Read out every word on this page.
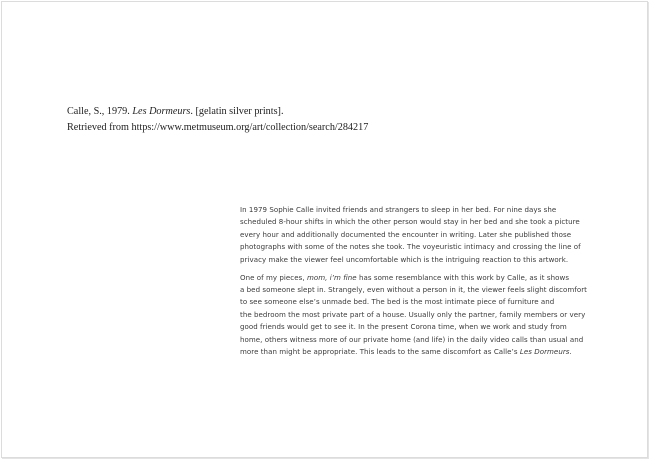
Calle, S., 1979. Les Dormeurs. [gelatin silver prints].
Retrieved from https://www.metmuseum.org/art/collection/search/284217

In 1979 Sophie Calle invited friends and strangers to sleep in her bed. For nine days she
scheduled 8-hour shifts in which the other person would stay in her bed and she took a picture
every hour and additionally documented the encounter in writing. Later she published those
photographs with some of the notes she took. The voyeuristic intimacy and crossing the line of
privacy make the viewer feel uncomfortable which is the intriguing reaction to this artwork.

One of my pieces, mom, i’m fine has some resemblance with this work by Calle, as it shows
a bed someone slept in. Strangely, even without a person in it, the viewer feels slight discomfort
to see someone else’s unmade bed. The bed is the most intimate piece of furniture and
the bedroom the most private part of a house. Usually only the partner, family members or very
good friends would get to see it. In the present Corona time, when we work and study from
home, others witness more of our private home (and life) in the daily video calls than usual and
more than might be appropriate. This leads to the same discomfort as Calle’s Les Dormeurs.
